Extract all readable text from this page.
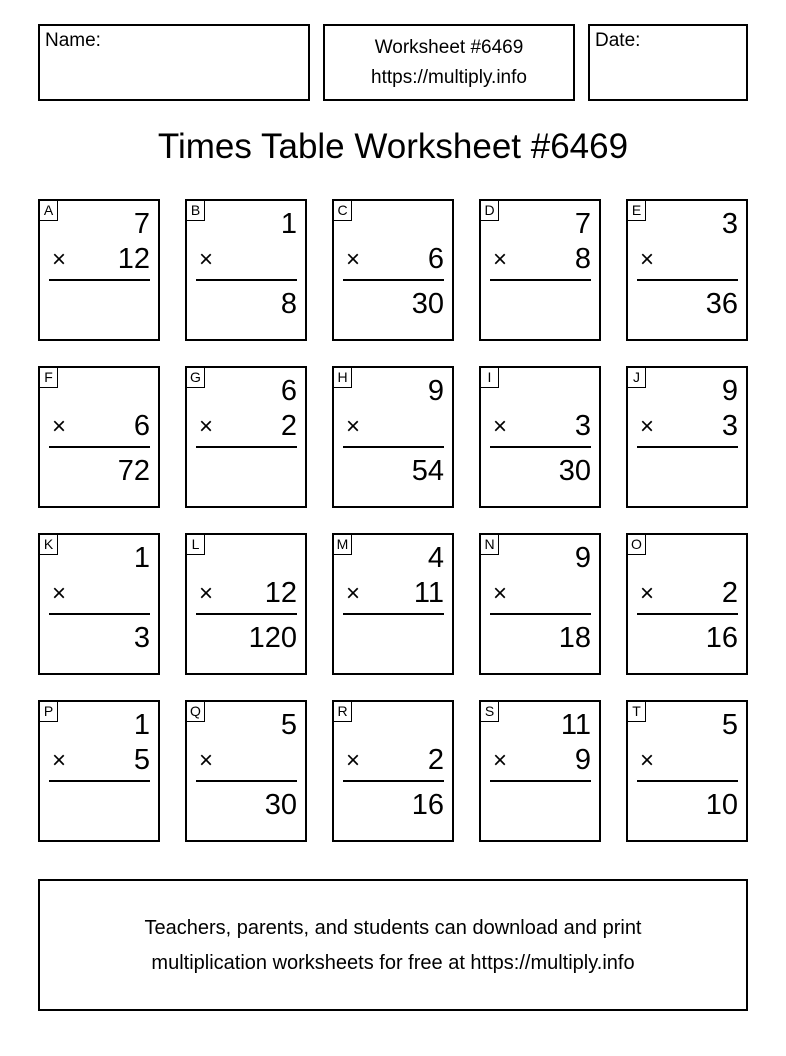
Name:	Worksheet #6469
https://multiply.info
Date:
Times Table Worksheet #6469
A	7
× 12
B	1
×
8
C
× 6
30
D	7
× 8
E	3
×
36
F
× 6
72
G	6
× 2
H	9
×
54
I
× 3
30
J	9
× 3
K	1
×
3
L
× 12
120
M	4
× 11
N	9
×
18
O
× 2
16
P	1
× 5
Q	5
×
30
R
× 2
16
S 11
× 9
T	5
×
10
Teachers, parents, and students can download and print
multiplication worksheets for free at https://multiply.info
